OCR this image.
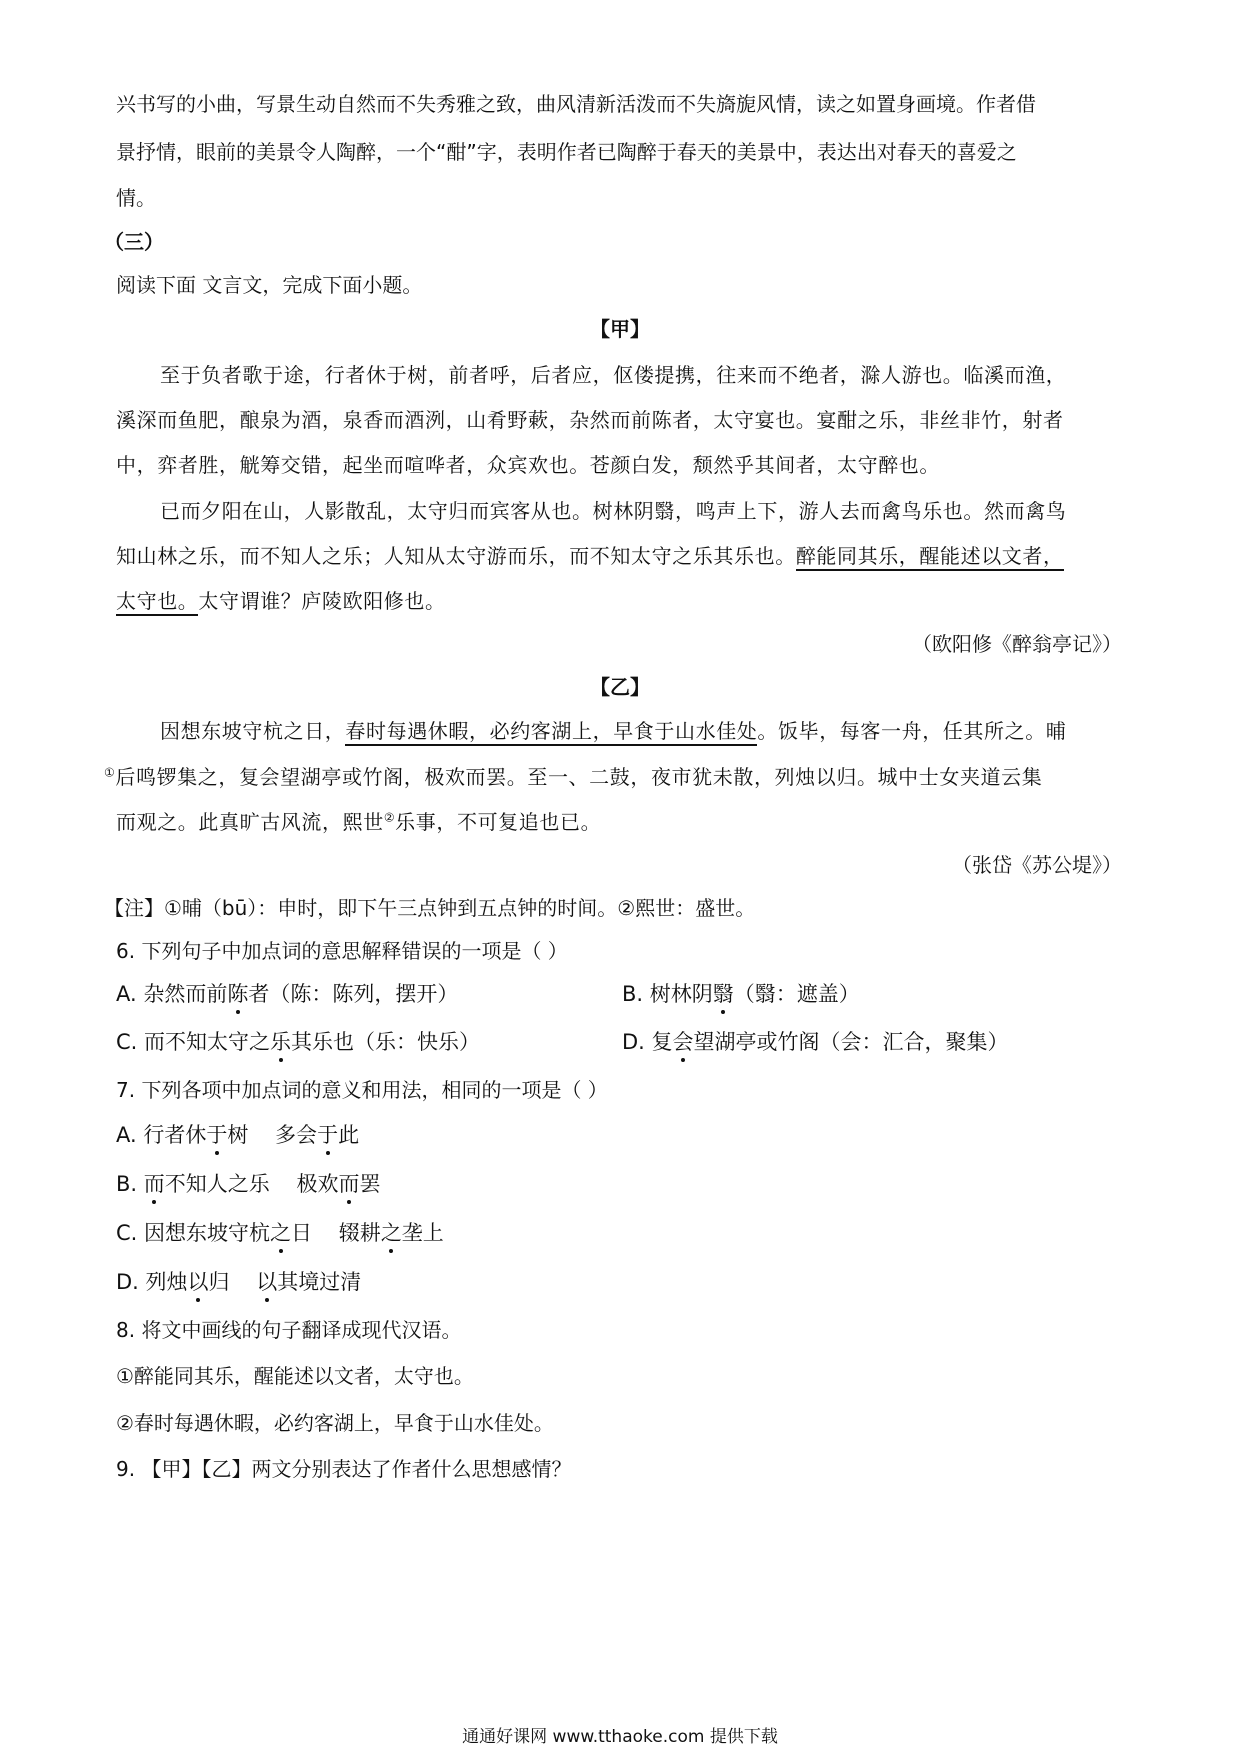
兴书写的小曲，写景生动自然而不失秀雅之致，曲风清新活泼而不失旖旎风情，读之如置身画境。作者借
景抒情，眼前的美景令人陶醉，一个“酣”字，表明作者已陶醉于春天的美景中，表达出对春天的喜爱之
情。
（三）
阅读下面 文言文，完成下面小题。
【甲】
至于负者歌于途，行者休于树，前者呼，后者应，伛偻提携，往来而不绝者，滁人游也。临溪而渔，
溪深而鱼肥，酿泉为酒，泉香而酒洌，山肴野蔌，杂然而前陈者，太守宴也。宴酣之乐，非丝非竹，射者
中，弈者胜，觥筹交错，起坐而喧哗者，众宾欢也。苍颜白发，颓然乎其间者，太守醉也。
已而夕阳在山，人影散乱，太守归而宾客从也。树林阴翳，鸣声上下，游人去而禽鸟乐也。然而禽鸟
知山林之乐，而不知人之乐；人知从太守游而乐，而不知太守之乐其乐也。醉能同其乐，醒能述以文者，
太守也。太守谓谁？庐陵欧阳修也。
（欧阳修《醉翁亭记》）
【乙】
因想东坡守杭之日，春时每遇休暇，必约客湖上，早食于山水佳处。饭毕，每客一舟，任其所之。晡
①后鸣锣集之，复会望湖亭或竹阁，极欢而罢。至一、二鼓，夜市犹未散，列烛以归。城中士女夹道云集
而观之。此真旷古风流，熙世②乐事，不可复追也已。
（张岱《苏公堤》）
【注】①晡（bū）：申时，即下午三点钟到五点钟的时间。②熙世：盛世。
6. 下列句子中加点词的意思解释错误的一项是（ ）
A. 杂然而前陈者（陈：陈列，摆开）	B. 树林阴翳（翳：遮盖）
C. 而不知太守之乐其乐也（乐：快乐）	D. 复会望湖亭或竹阁（会：汇合，聚集）
7. 下列各项中加点词的意义和用法，相同的一项是（ ）
A. 行者休于树    多会于此
B. 而不知人之乐    极欢而罢
C. 因想东坡守杭之日    辍耕之垄上
D. 列烛以归    以其境过清
8. 将文中画线的句子翻译成现代汉语。
①醉能同其乐，醒能述以文者，太守也。
②春时每遇休暇，必约客湖上，早食于山水佳处。
9. 【甲】【乙】两文分别表达了作者什么思想感情？
通通好课网 www.tthaoke.com 提供下载
